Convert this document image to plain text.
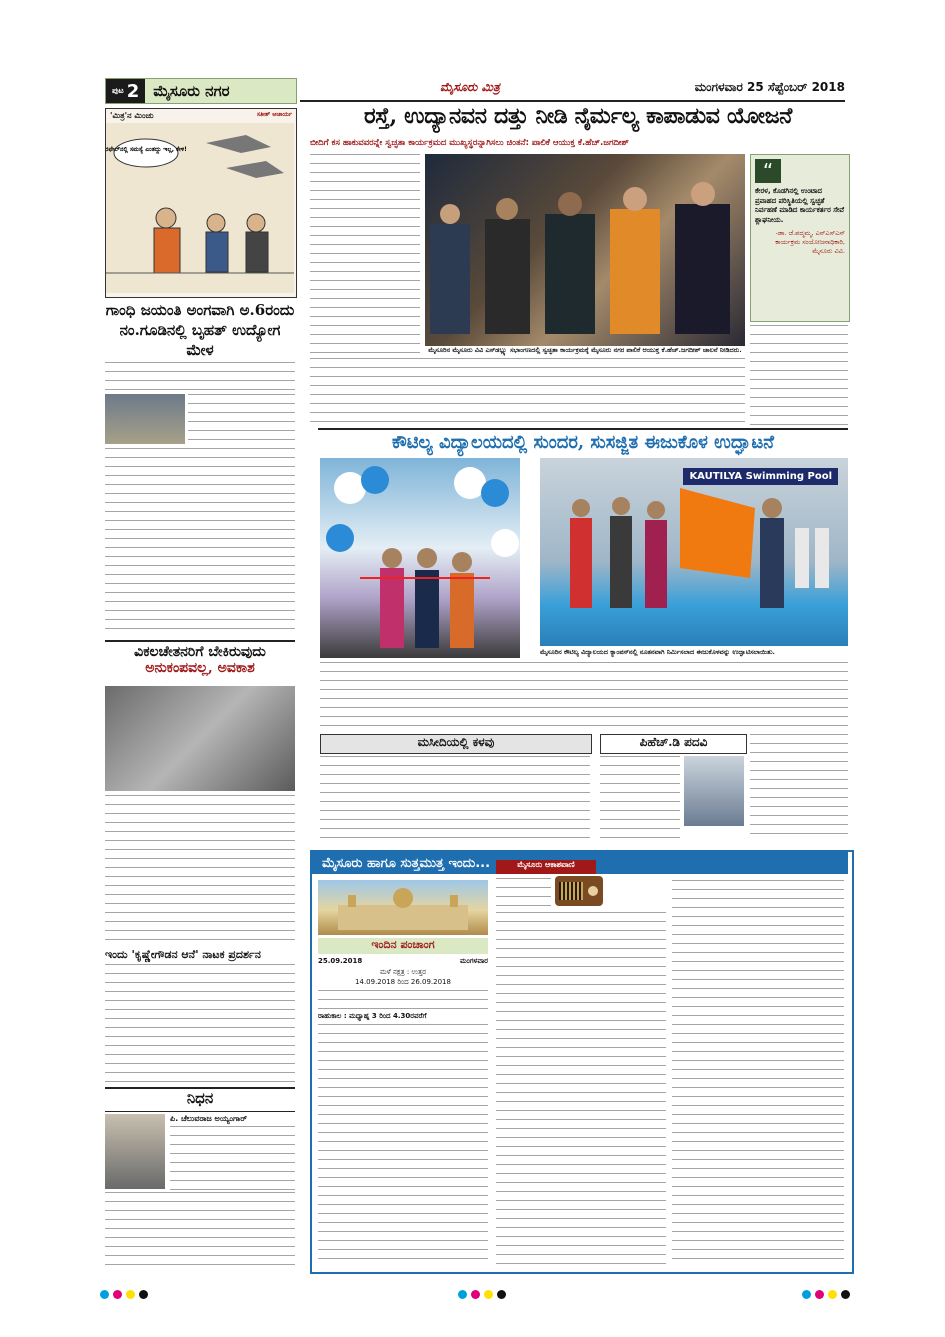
ಪುಟ 2 ಮೈಸೂರು ನಗರ	ಮೈಸೂರು ಮಿತ್ರ	ಮಂಗಳವಾರ 25 ಸೆಪ್ಟೆಂಬರ್ 2018
'ಮಿತ್ರ'ನ ಮಿಂಚು	ಸತೀಶ್ ಆಚಾರ್ಯ
ರಫೇಲ್‌ನಲ್ಲಿ ಸಮಸ್ಯೆ ಎಂತದ್ದು ಇಲ್ಲ, ಕೇಳಿ!
ಗಾಂಧಿ ಜಯಂತಿ ಅಂಗವಾಗಿ ಅ.6ರಂದು ನಂ.ಗೂಡಿನಲ್ಲಿ ಬೃಹತ್ ಉದ್ಯೋಗ ಮೇಳ
ವಿಕಲಚೇತನರಿಗೆ ಬೇಕಿರುವುದು
ಅನುಕಂಪವಲ್ಲ, ಅವಕಾಶ
ಇಂದು 'ಕೃಷ್ಣೇಗೌಡನ ಆನೆ' ನಾಟಕ ಪ್ರದರ್ಶನ
ನಿಧನ
ಪಿ. ಚೆಲುವರಾಜ ಅಯ್ಯಂಗಾರ್
ರಸ್ತೆ, ಉದ್ಯಾನವನ ದತ್ತು ನೀಡಿ ನೈರ್ಮಲ್ಯ ಕಾಪಾಡುವ ಯೋಜನೆ
ಬೀದಿಗೆ ಕಸ ಹಾಕುವವರನ್ನೇ ಸ್ವಚ್ಛತಾ ಕಾರ್ಯಕ್ರಮದ ಮುಖ್ಯಸ್ಥರನ್ನಾಗಿಸಲು ಚಿಂತನೆ: ಪಾಲಿಕೆ ಆಯುಕ್ತ ಕೆ.ಹೆಚ್.ಜಗದೀಶ್
ಮೈಸೂರಿನ ಮೈಸೂರು ವಿವಿ ಎಸ್‌ಡಬ್ಲ್ಯು ಸಭಾಂಗಣದಲ್ಲಿ ಸ್ವಚ್ಛತಾ ಕಾರ್ಯಕ್ರಮಕ್ಕೆ ಮೈಸೂರು ನಗರ ಪಾಲಿಕೆ ಆಯುಕ್ತ ಕೆ.ಹೆಚ್.ಜಗದೀಶ್ ಚಾಲನೆ ನೀಡಿದರು.
“
ಕೇರಳ, ಕೊಡಗಿನಲ್ಲಿ ಉಂಟಾದ ಪ್ರವಾಹದ ಪರಿಸ್ಥಿತಿಯಲ್ಲಿ ಸ್ವಚ್ಛತೆ ನಿರ್ವಹಣೆ ಮಾಡಿದ ಕಾರ್ಯಕರ್ತರ ಸೇವೆ ಶ್ಲಾಘನೀಯ.
-ಡಾ. ಜೆ.ಪದ್ಮಮ್ಮ, ಎನ್‌ಎಸ್‌ಎಸ್ ಕಾರ್ಯಕ್ರಮ ಸಂಯೋಜನಾಧಿಕಾರಿ, ಮೈಸೂರು ವಿವಿ.
ಕೌಟಿಲ್ಯ ವಿದ್ಯಾಲಯದಲ್ಲಿ ಸುಂದರ, ಸುಸಜ್ಜಿತ ಈಜುಕೊಳ ಉದ್ಘಾಟನೆ
KAUTILYA Swimming Pool
ಮೈಸೂರಿನ ಕೌಟಿಲ್ಯ ವಿದ್ಯಾಲಯದ ಕ್ಯಾಂಪಸ್‌ನಲ್ಲಿ ನೂತನವಾಗಿ ನಿರ್ಮಿಸಲಾದ ಈಜುಕೊಳವನ್ನು ಉದ್ಘಾಟಿಸಲಾಯಿತು.
ಮಸೀದಿಯಲ್ಲಿ ಕಳವು	ಪಿಹೆಚ್.ಡಿ ಪದವಿ
ಮೈಸೂರು ಹಾಗೂ ಸುತ್ತಮುತ್ತ ಇಂದು...
ಇಂದಿನ ಪಂಚಾಂಗ
25.09.2018	ಮಂಗಳವಾರ
ಮಳೆ ನಕ್ಷತ್ರ : ಉತ್ತರ
14.09.2018 ರಿಂದ 26.09.2018
ರಾಹುಕಾಲ : ಮಧ್ಯಾಹ್ನ 3 ರಿಂದ 4.30ರವರೆಗೆ
ಮೈಸೂರು ಆಕಾಶವಾಣಿ
